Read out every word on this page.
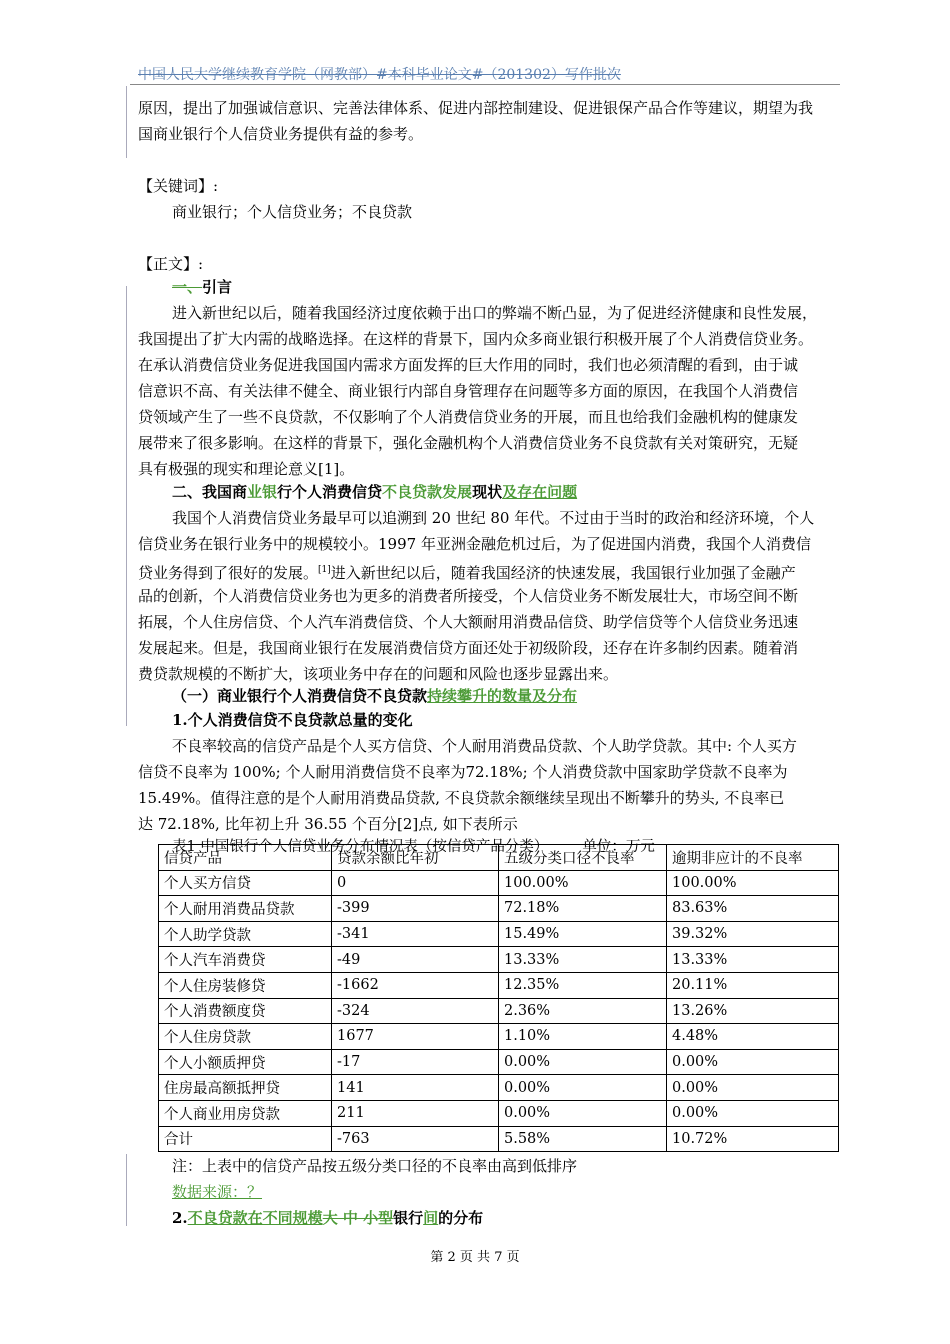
中国人民大学继续教育学院（网教部）#本科毕业论文#（201302）写作批次
原因，提出了加强诚信意识、完善法律体系、促进内部控制建设、促进银保产品合作等建议，期望为我
国商业银行个人信贷业务提供有益的参考。
【关键词】:
商业银行；个人信贷业务；不良贷款
【正文】:
一、引言
进入新世纪以后，随着我国经济过度依赖于出口的弊端不断凸显，为了促进经济健康和良性发展，
我国提出了扩大内需的战略选择。在这样的背景下，国内众多商业银行积极开展了个人消费信贷业务。
在承认消费信贷业务促进我国国内需求方面发挥的巨大作用的同时，我们也必须清醒的看到，由于诚
信意识不高、有关法律不健全、商业银行内部自身管理存在问题等多方面的原因，在我国个人消费信
贷领域产生了一些不良贷款，不仅影响了个人消费信贷业务的开展，而且也给我们金融机构的健康发
展带来了很多影响。在这样的背景下，强化金融机构个人消费信贷业务不良贷款有关对策研究，无疑
具有极强的现实和理论意义[1]。
二、我国商业银行个人消费信贷不良贷款发展现状及存在问题
我国个人消费信贷业务最早可以追溯到 20 世纪 80 年代。不过由于当时的政治和经济环境，个人
信贷业务在银行业务中的规模较小。1997 年亚洲金融危机过后，为了促进国内消费，我国个人消费信
贷业务得到了很好的发展。[1]进入新世纪以后，随着我国经济的快速发展，我国银行业加强了金融产
品的创新，个人消费信贷业务也为更多的消费者所接受，个人信贷业务不断发展壮大，市场空间不断
拓展，个人住房信贷、个人汽车消费信贷、个人大额耐用消费品信贷、助学信贷等个人信贷业务迅速
发展起来。但是，我国商业银行在发展消费信贷方面还处于初级阶段，还存在许多制约因素。随着消
费贷款规模的不断扩大，该项业务中存在的问题和风险也逐步显露出来。
（一）商业银行个人消费信贷不良贷款持续攀升的数量及分布
1.个人消费信贷不良贷款总量的变化
不良率较高的信贷产品是个人买方信贷、个人耐用消费品贷款、个人助学贷款。其中: 个人买方
信贷不良率为 100%; 个人耐用消费信贷不良率为72.18%; 个人消费贷款中国家助学贷款不良率为
15.49%。值得注意的是个人耐用消费品贷款, 不良贷款余额继续呈现出不断攀升的势头, 不良率已
达 72.18%, 比年初上升 36.55 个百分[2]点, 如下表所示
表1 中国银行个人信贷业务分布情况表（按信贷产品分类） 单位：万元
信贷产品	贷款余额比年初	五级分类口径不良率	逾期非应计的不良率
个人买方信贷	0	100.00%	100.00%
个人耐用消费品贷款	-399	72.18%	83.63%
个人助学贷款	-341	15.49%	39.32%
个人汽车消费贷	-49	13.33%	13.33%
个人住房装修贷	-1662	12.35%	20.11%
个人消费额度贷	-324	2.36%	13.26%
个人住房贷款	1677	1.10%	4.48%
个人小额质押贷	-17	0.00%	0.00%
住房最高额抵押贷	141	0.00%	0.00%
个人商业用房贷款	211	0.00%	0.00%
合计	-763	5.58%	10.72%
注：上表中的信贷产品按五级分类口径的不良率由高到低排序
数据来源：？
2.不良贷款在不同规模大 中 小型银行间的分布
第 2 页 共 7 页
